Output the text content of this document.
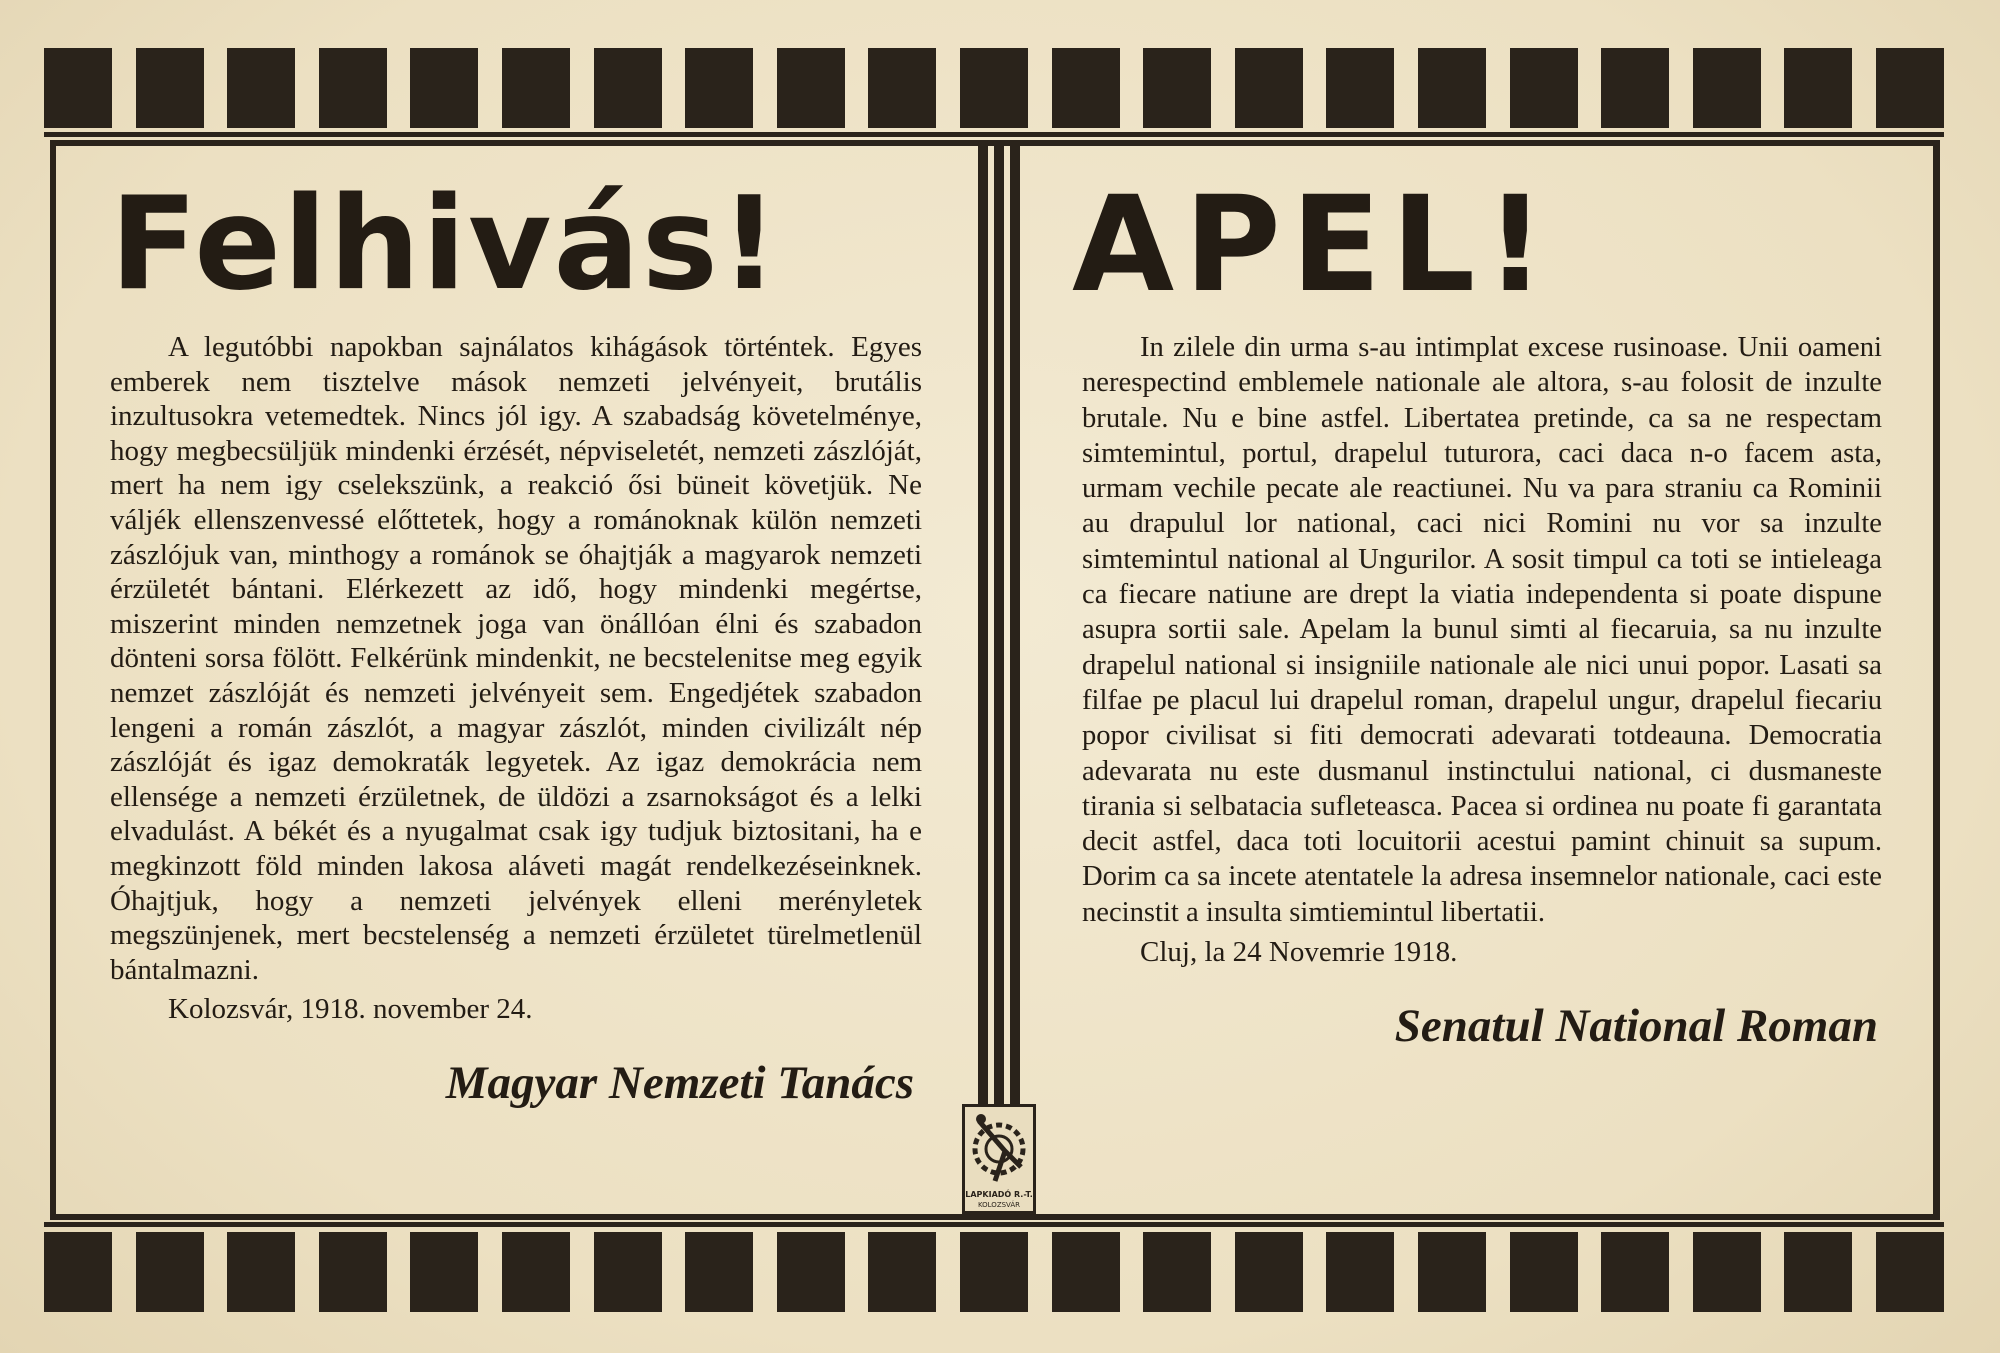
Felhivás!

A legutóbbi napokban sajnálatos kihágások történtek. Egyes emberek nem tisztelve mások nemzeti jelvényeit, brutális inzultusokra vetemedtek. Nincs jól igy. A szabadság követelménye, hogy megbecsüljük mindenki érzését, népviseletét, nemzeti zászlóját, mert ha nem igy cselekszünk, a reakció ősi büneit követjük. Ne váljék ellenszenvessé előttetek, hogy a románoknak külön nemzeti zászlójuk van, minthogy a románok se óhajtják a magyarok nemzeti érzületét bántani. Elérkezett az idő, hogy mindenki megértse, miszerint minden nemzetnek joga van önállóan élni és szabadon dönteni sorsa fölött. Felkérünk mindenkit, ne becstelenitse meg egyik nemzet zászlóját és nemzeti jelvényeit sem. Engedjétek szabadon lengeni a román zászlót, a magyar zászlót, minden civilizált nép zászlóját és igaz demokraták legyetek. Az igaz demokrácia nem ellensége a nemzeti érzületnek, de üldözi a zsarnokságot és a lelki elvadulást. A békét és a nyugalmat csak igy tudjuk biztositani, ha e megkinzott föld minden lakosa aláveti magát rendelkezéseinknek. Óhajtjuk, hogy a nemzeti jelvények elleni merényletek megszünjenek, mert becstelenség a nemzeti érzületet türelmetlenül bántalmazni.

Kolozsvár, 1918. november 24.
Magyar Nemzeti Tanács
APEL!

In zilele din urma s-au intimplat excese rusinoase. Unii oameni nerespectind emblemele nationale ale altora, s-au folosit de inzulte brutale. Nu e bine astfel. Libertatea pretinde, ca sa ne respectam simtemintul, portul, drapelul tuturora, caci daca n-o facem asta, urmam vechile pecate ale reactiunei. Nu va para straniu ca Rominii au drapulul lor national, caci nici Romini nu vor sa inzulte simtemintul national al Ungurilor. A sosit timpul ca toti se intieleaga ca fiecare natiune are drept la viatia independenta si poate dispune asupra sortii sale. Apelam la bunul simti al fiecaruia, sa nu inzulte drapelul national si insigniile nationale ale nici unui popor. Lasati sa filfae pe placul lui drapelul roman, drapelul ungur, drapelul fiecariu popor civilisat si fiti democrati adevarati totdeauna. Democratia adevarata nu este dusmanul instinctului national, ci dusmaneste tirania si selbatacia sufleteasca. Pacea si ordinea nu poate fi garantata decit astfel, daca toti locuitorii acestui pamint chinuit sa supum. Dorim ca sa incete atentatele la adresa insemnelor nationale, caci este necinstit a insulta simtiemintul libertatii.

Cluj, la 24 Novemrie 1918.
Senatul National Roman
LAPKIADÓ R.-T.
KOLOZSVÁR
